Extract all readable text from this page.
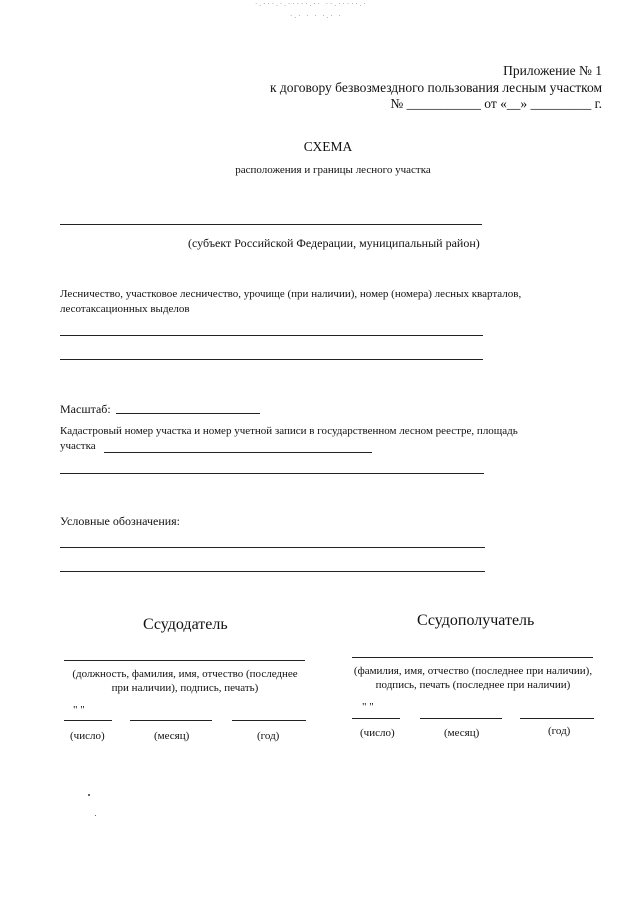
·.···.·.·····.·· ··.·····.·
·.· · · ·.· ·
Приложение № 1
к договору безвозмездного пользования лесным участком
№ ___________ от «__» _________ г.
СХЕМА
расположения и границы лесного участка
(субъект Российской Федерации, муниципальный район)
Лесничество, участковое лесничество, урочище (при наличии), номер (номера) лесных кварталов,
лесотаксационных выделов
Масштаб:
Кадастровый номер участка и номер учетной записи в государственном лесном реестре, площадь
участка
Условные обозначения:
Ссудодатель
(должность, фамилия, имя, отчество (последнее
при наличии), подпись, печать)
" "
(число)	(месяц)	(год)
Ссудополучатель
(фамилия, имя, отчество (последнее при наличии),
подпись, печать (последнее при наличии)
" "
(число)	(месяц)	(год)
